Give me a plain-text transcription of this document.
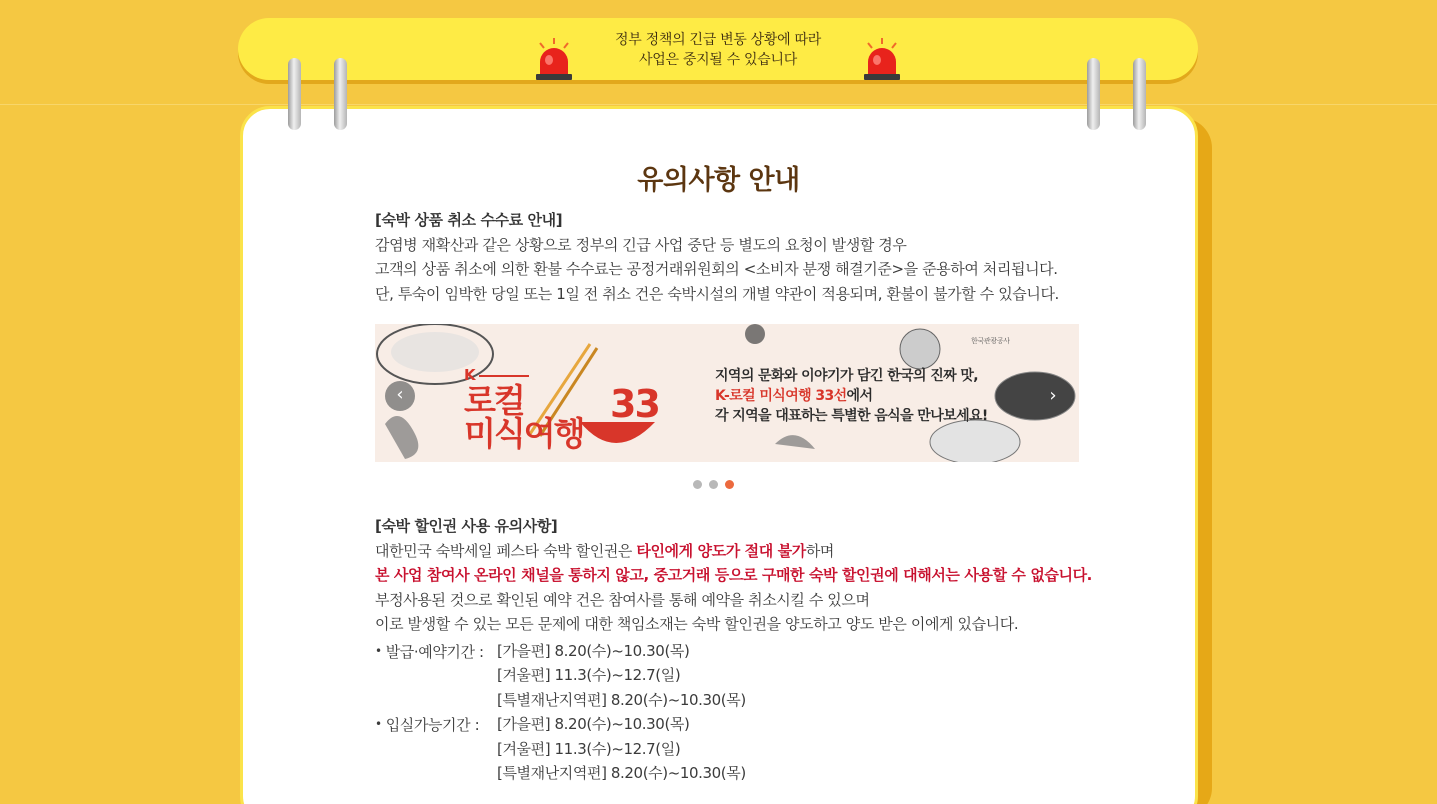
정부 정책의 긴급 변동 상황에 따라
사업은 중지될 수 있습니다
유의사항 안내
[숙박 상품 취소 수수료 안내]
감염병 재확산과 같은 상황으로 정부의 긴급 사업 중단 등 별도의 요청이 발생할 경우
고객의 상품 취소에 의한 환불 수수료는 공정거래위원회의 <소비자 분쟁 해결기준>을 준용하여 처리됩니다.
단, 투숙이 임박한 당일 또는 1일 전 취소 건은 숙박시설의 개별 약관이 적용되며, 환불이 불가할 수 있습니다.
한국관광공사
K
로컬
미식여행
33
지역의 문화와 이야기가 담긴 한국의 진짜 맛,
K-로컬 미식여행 33선에서
각 지역을 대표하는 특별한 음식을 만나보세요!
‹	›
[숙박 할인권 사용 유의사항]
대한민국 숙박세일 페스타 숙박 할인권은 타인에게 양도가 절대 불가하며
본 사업 참여사 온라인 채널을 통하지 않고, 중고거래 등으로 구매한 숙박 할인권에 대해서는 사용할 수 없습니다.
부정사용된 것으로 확인된 예약 건은 참여사를 통해 예약을 취소시킬 수 있으며
이로 발생할 수 있는 모든 문제에 대한 책임소재는 숙박 할인권을 양도하고 양도 받은 이에게 있습니다.
• 발급·예약기간 : [가을편] 8.20(수)~10.30(목)
[겨울편] 11.3(수)~12.7(일)
[특별재난지역편] 8.20(수)~10.30(목)
• 입실가능기간 :	[가을편] 8.20(수)~10.30(목)
[겨울편] 11.3(수)~12.7(일)
[특별재난지역편] 8.20(수)~10.30(목)
